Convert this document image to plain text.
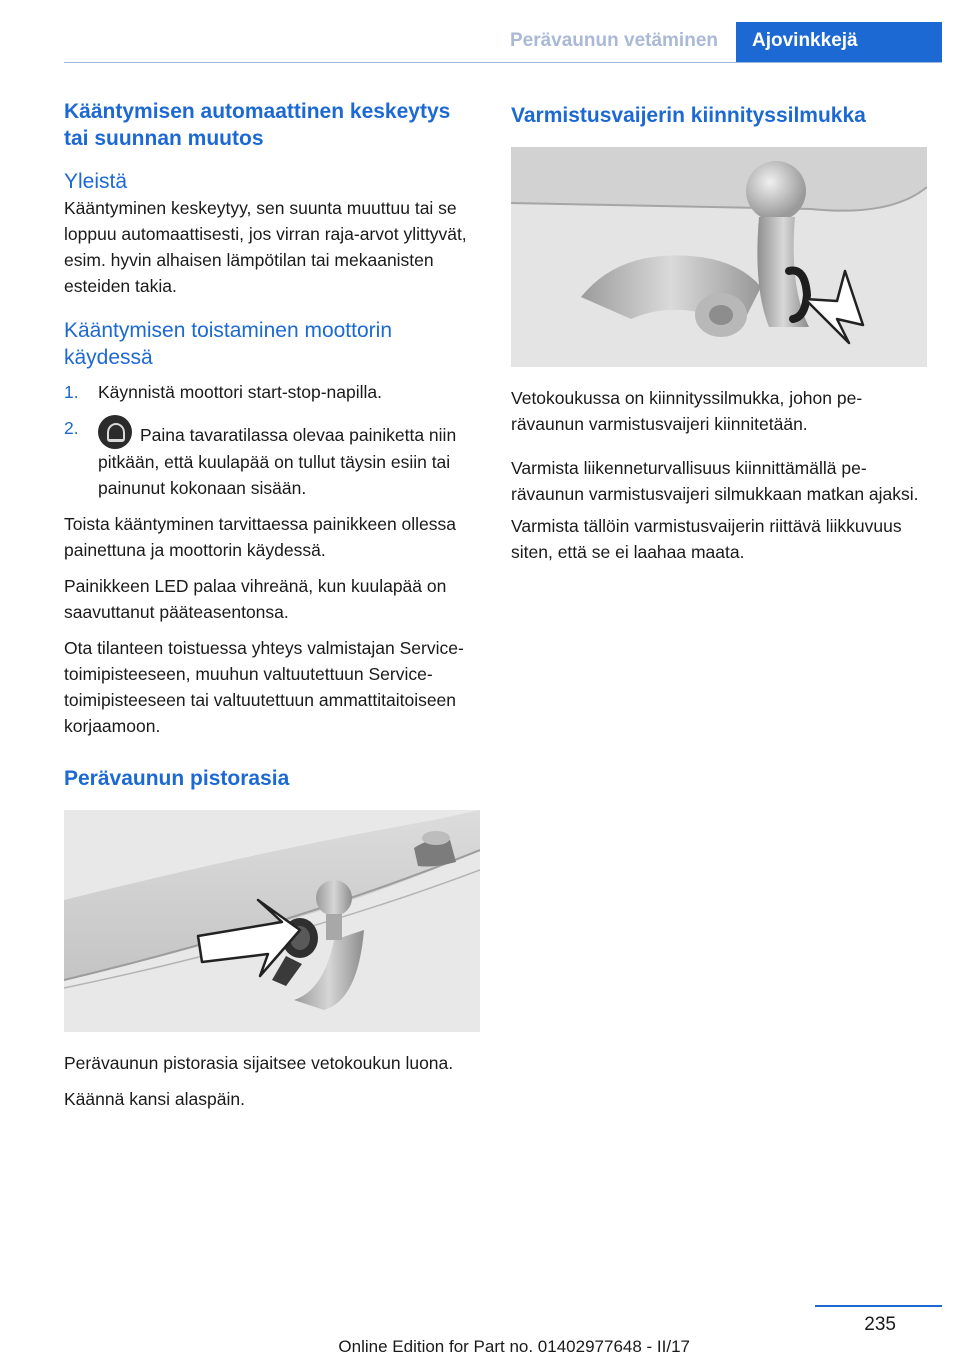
Perävaunun vetäminen	Ajovinkkejä
Kääntymisen automaattinen keskeytys tai suunnan muutos
Yleistä

Kääntyminen keskeytyy, sen suunta muuttuu tai se loppuu automaattisesti, jos virran raja-arvot ylittyvät, esim. hyvin alhaisen lämpötilan tai mekaanisten esteiden takia.

Kääntymisen toistaminen moottorin käydessä
1.	Käynnistä moottori start-stop-napilla.
2.	Paina tavaratilassa olevaa painiketta niin pitkään, että kuulapää on tullut täysin esiin tai painunut kokonaan sisään.

Toista kääntyminen tarvittaessa painikkeen ollessa painettuna ja moottorin käydessä.

Painikkeen LED palaa vihreänä, kun kuulapää on saavuttanut pääteasentonsa.

Ota tilanteen toistuessa yhteys valmistajan Service-toimipisteeseen, muuhun valtuutettuun Service-toimipisteeseen tai valtuutettuun ammattitaitoiseen korjaamoon.

Perävaunun pistorasia

Perävaunun pistorasia sijaitsee vetokoukun luona.

Käännä kansi alaspäin.

Varmistusvaijerin kiinnityssilmukka

Vetokoukussa on kiinnityssilmukka, johon perävaunun varmistusvaijeri kiinnitetään.

Varmista liikenneturvallisuus kiinnittämällä perävaunun varmistusvaijeri silmukkaan matkan ajaksi.

Varmista tällöin varmistusvaijerin riittävä liikkuvuus siten, että se ei laahaa maata.

235
Online Edition for Part no. 01402977648 - II/17
